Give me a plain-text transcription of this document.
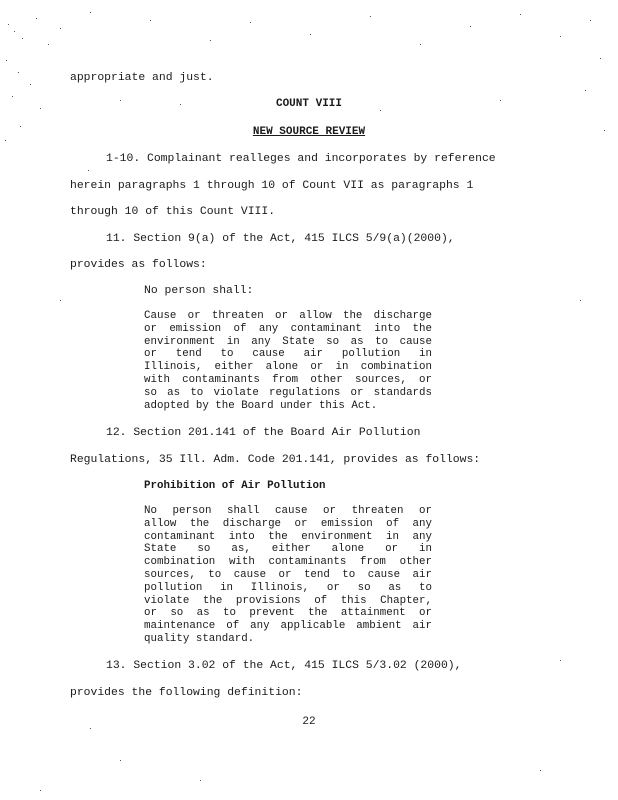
appropriate and just.
COUNT VIII
NEW SOURCE REVIEW
1-10. Complainant realleges and incorporates by reference
herein paragraphs 1 through 10 of Count VII as paragraphs 1
through 10 of this Count VIII.
11. Section 9(a) of the Act, 415 ILCS 5/9(a)(2000),
provides as follows:
No person shall:
Cause or threaten or allow the discharge
or emission of any contaminant into the
environment in any State so as to cause
or tend to cause air pollution in
Illinois, either alone or in combination
with contaminants from other sources, or
so as to violate regulations or standards
adopted by the Board under this Act.
12. Section 201.141 of the Board Air Pollution
Regulations, 35 Ill. Adm. Code 201.141, provides as follows:
Prohibition of Air Pollution
No person shall cause or threaten or
allow the discharge or emission of any
contaminant into the environment in any
State so as, either alone or in
combination with contaminants from other
sources, to cause or tend to cause air
pollution in Illinois, or so as to
violate the provisions of this Chapter,
or so as to prevent the attainment or
maintenance of any applicable ambient air
quality standard.
13. Section 3.02 of the Act, 415 ILCS 5/3.02 (2000),
provides the following definition:
22
